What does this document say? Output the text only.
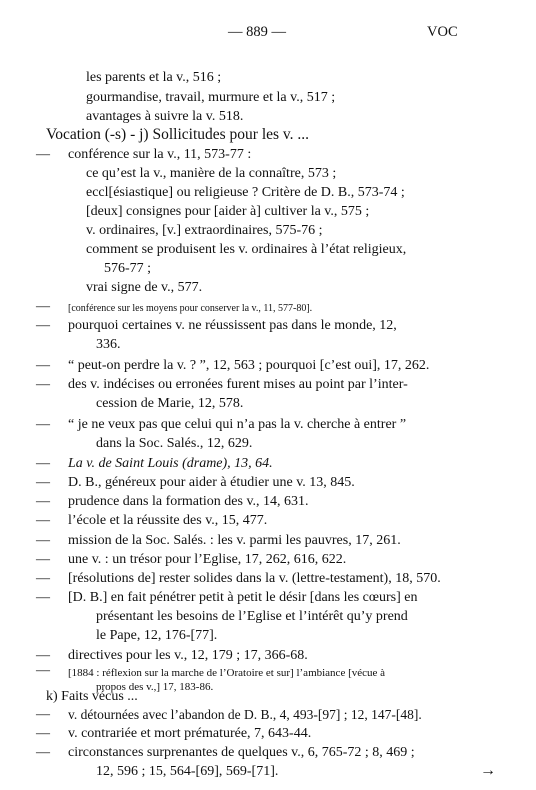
— 889 —	VOC
les parents et la v., 516 ;
gourmandise, travail, murmure et la v., 517 ;
avantages à suivre la v. 518.
Vocation (-s) - j) Sollicitudes pour les v. ...
— conférence sur la v., 11, 573-77 :
ce qu’est la v., manière de la connaître, 573 ;
eccl[ésiastique] ou religieuse ? Critère de D. B., 573-74 ;
[deux] consignes pour [aider à] cultiver la v., 575 ;
v. ordinaires, [v.] extraordinaires, 575-76 ;
comment se produisent les v. ordinaires à l’état religieux,
576-77 ;
vrai signe de v., 577.
— [conférence sur les moyens pour conserver la v., 11, 577-80].
— pourquoi certaines v. ne réussissent pas dans le monde, 12,
336.
— “ peut-on perdre la v. ? ”, 12, 563 ; pourquoi [c’est oui], 17, 262.
— des v. indécises ou erronées furent mises au point par l’inter-
cession de Marie, 12, 578.
— “ je ne veux pas que celui qui n’a pas la v. cherche à entrer ”
dans la Soc. Salés., 12, 629.
— La v. de Saint Louis (drame), 13, 64.
— D. B., généreux pour aider à étudier une v. 13, 845.
— prudence dans la formation des v., 14, 631.
— l’école et la réussite des v., 15, 477.
— mission de la Soc. Salés. : les v. parmi les pauvres, 17, 261.
— une v. : un trésor pour l’Eglise, 17, 262, 616, 622.
— [résolutions de] rester solides dans la v. (lettre-testament), 18, 570.
— [D. B.] en fait pénétrer petit à petit le désir [dans les cœurs] en
présentant les besoins de l’Eglise et l’intérêt qu’y prend
le Pape, 12, 176-[77].
— directives pour les v., 12, 179 ; 17, 366-68.
— [1884 : réflexion sur la marche de l’Oratoire et sur] l’ambiance [vécue à
propos des v.,] 17, 183-86.
k) Faits vécus ...
— v. détournées avec l’abandon de D. B., 4, 493-[97] ; 12, 147-[48].
— v. contrariée et mort prématurée, 7, 643-44.
— circonstances surprenantes de quelques v., 6, 765-72 ; 8, 469 ;
12, 596 ; 15, 564-[69], 569-[71].	→
